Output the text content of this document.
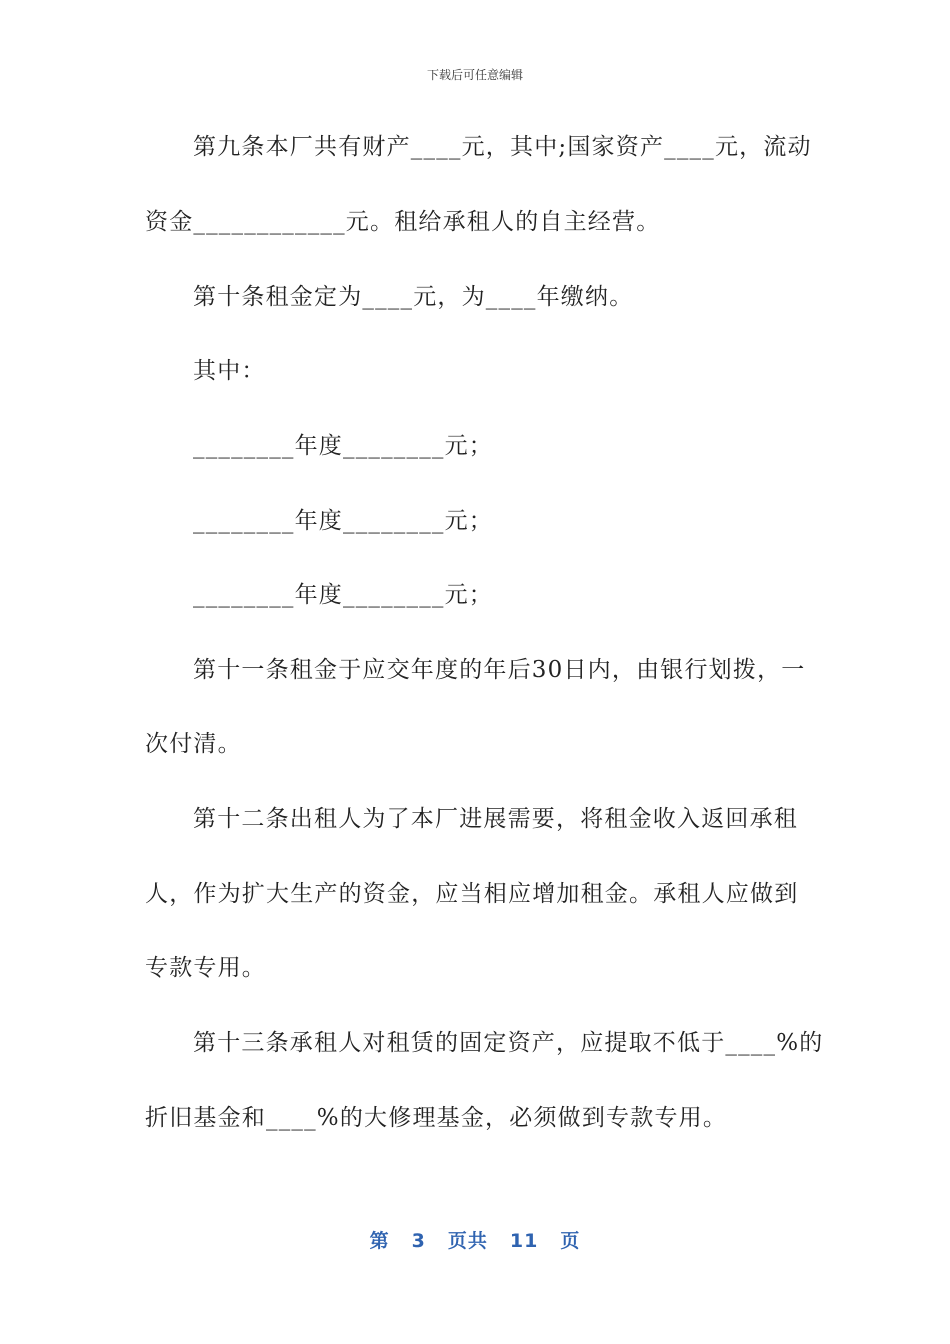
下载后可任意编辑
第九条本厂共有财产____元，其中;国家资产____元，流动
资金____________元。租给承租人的自主经营。
第十条租金定为____元，为____年缴纳。
其中：
________年度________元；
________年度________元；
________年度________元；
第十一条租金于应交年度的年后30日内，由银行划拨，一
次付清。
第十二条出租人为了本厂进展需要，将租金收入返回承租
人，作为扩大生产的资金，应当相应增加租金。承租人应做到
专款专用。
第十三条承租人对租赁的固定资产，应提取不低于____%的
折旧基金和____%的大修理基金，必须做到专款专用。
第 3 页共 11 页
